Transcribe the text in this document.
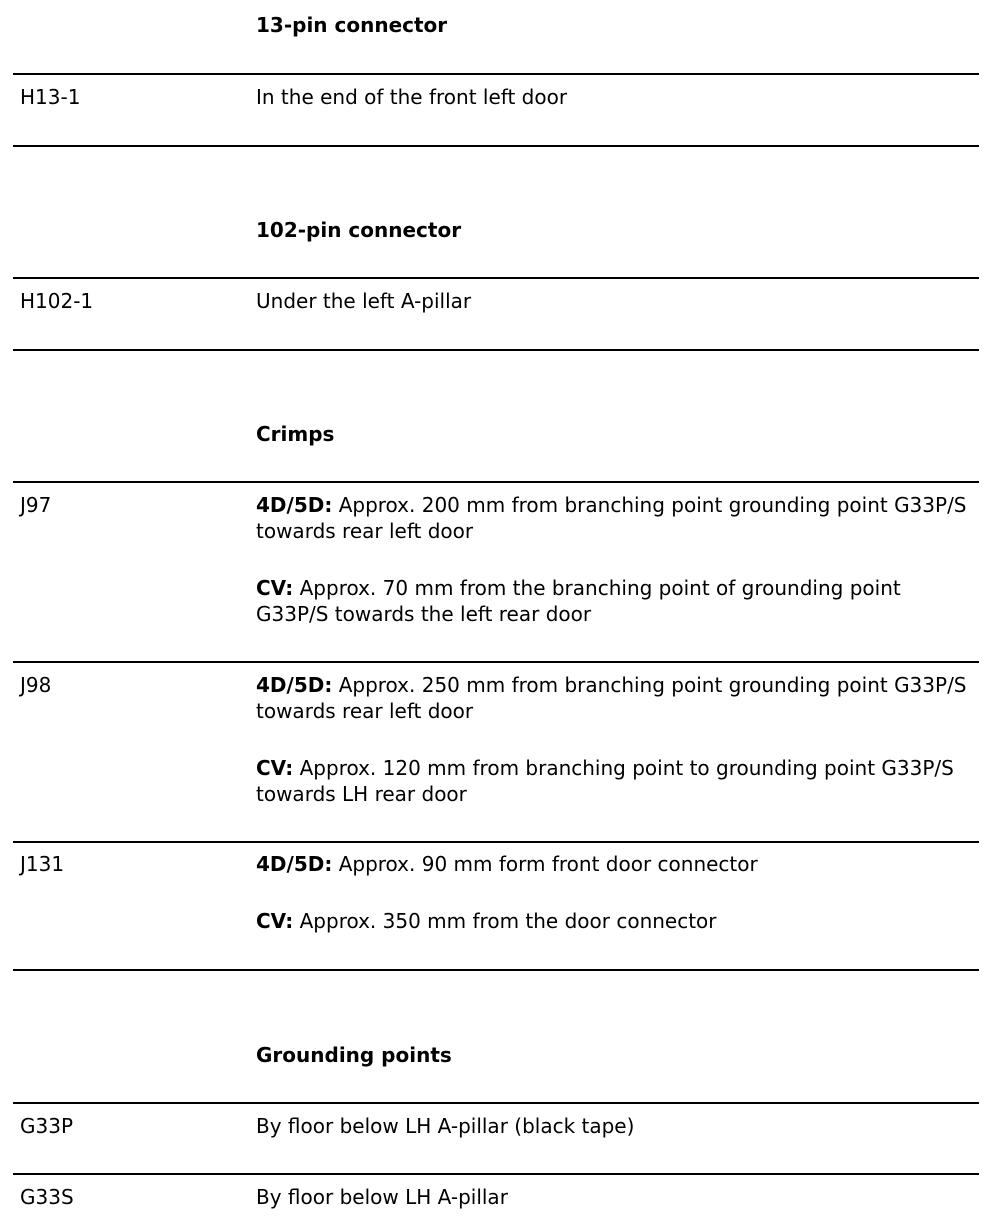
13-pin connector
H13-1	In the end of the front left door

102-pin connector
H102-1	Under the left A-pillar

Crimps
J97	4D/5D: Approx. 200 mm from branching point grounding point G33P/S towards rear left door

CV: Approx. 70 mm from the branching point of grounding point G33P/S towards the left rear door

J98	4D/5D: Approx. 250 mm from branching point grounding point G33P/S towards rear left door

CV: Approx. 120 mm from branching point to grounding point G33P/S towards LH rear door

J131	4D/5D: Approx. 90 mm form front door connector

CV: Approx. 350 mm from the door connector

Grounding points
G33P	By floor below LH A-pillar (black tape)

G33S	By floor below LH A-pillar
